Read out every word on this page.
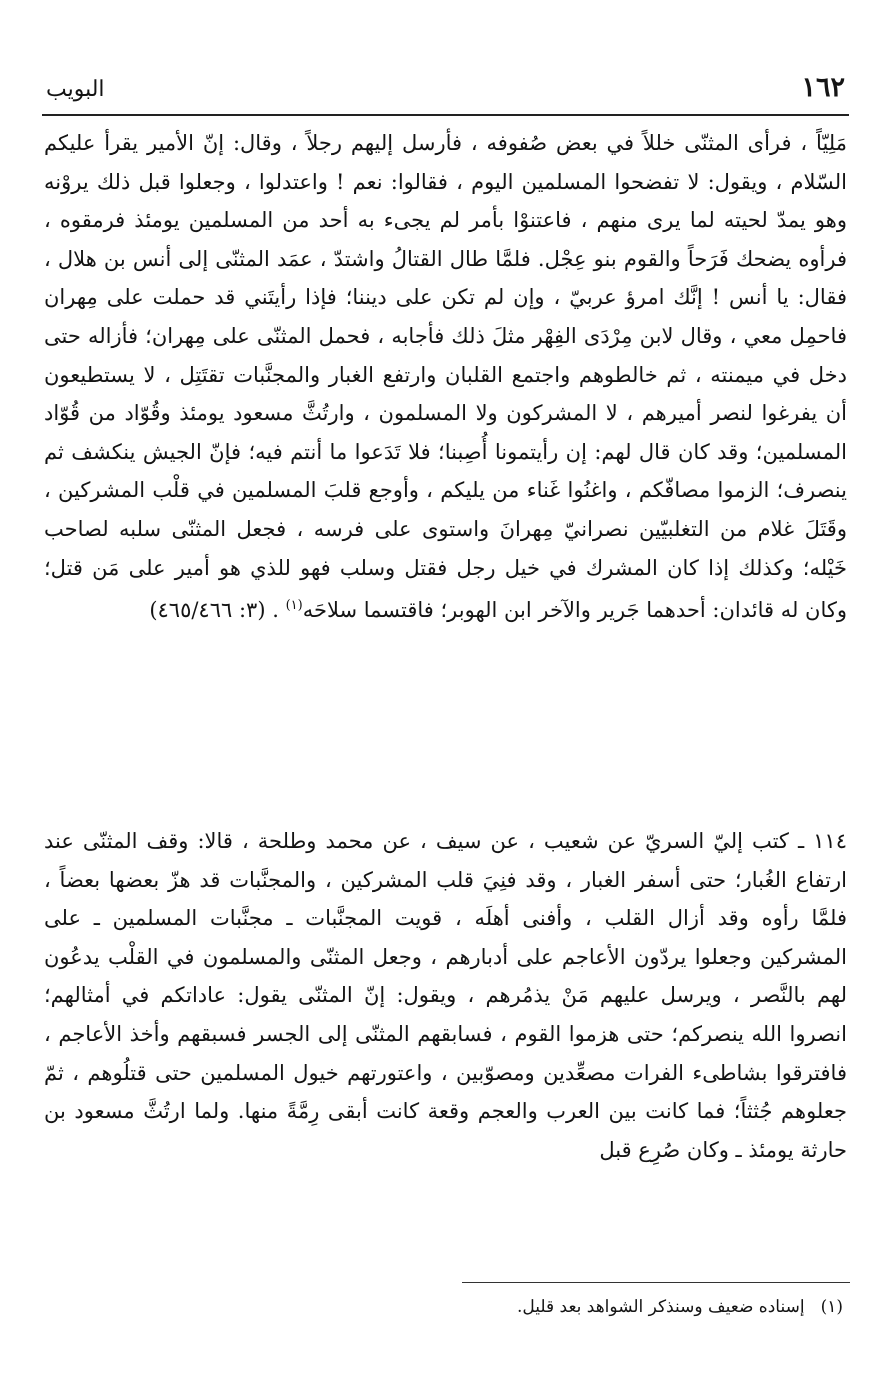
١٦٢
البويب
مَلِيّاً ، فرأى المثنّى خللاً في بعض صُفوفه ، فأرسل إليهم رجلاً ، وقال: إنّ الأمير يقرأ عليكم السّلام ، ويقول: لا تفضحوا المسلمين اليوم ، فقالوا: نعم ! واعتدلوا ، وجعلوا قبل ذلك يروْنه وهو يمدّ لحيته لما يرى منهم ، فاعتنوْا بأمر لم يجىء به أحد من المسلمين يومئذ فرمقوه ، فرأوه يضحك فَرَحاً والقوم بنو عِجْل. فلمَّا طال القتالُ واشتدّ ، عمَد المثنّى إلى أنس بن هلال ، فقال: يا أنس ! إنَّك امرؤ عربيّ ، وإن لم تكن على ديننا؛ فإذا رأيتَني قد حملت على مِهران فاحمِل معي ، وقال لابن مِرْدَى الفِهْر مثلَ ذلك فأجابه ، فحمل المثنّى على مِهران؛ فأزاله حتى دخل في ميمنته ، ثم خالطوهم واجتمع القلبان وارتفع الغبار والمجنَّبات تقتَتِل ، لا يستطيعون أن يفرغوا لنصر أميرهم ، لا المشركون ولا المسلمون ، وارتُثَّ مسعود يومئذ وقُوّاد من قُوّاد المسلمين؛ وقد كان قال لهم: إن رأيتمونا أُصِبنا؛ فلا تَدَعوا ما أنتم فيه؛ فإنّ الجيش ينكشف ثم ينصرف؛ الزموا مصافّكم ، واغنُوا غَناء من يليكم ، وأوجع قلبَ المسلمين في قلْب المشركين ، وقَتَلَ غلام من التغلبيّين نصرانيّ مِهرانَ واستوى على فرسه ، فجعل المثنّى سلبه لصاحب خَيْله؛ وكذلك إذا كان المشرك في خيل رجل فقتل وسلب فهو للذي هو أمير على مَن قتل؛ وكان له قائدان: أحدهما جَرير والآخر ابن الهوبر؛ فاقتسما سلاحَه$^{(١)}$ . (٣: ٤٦٥/٤٦٦)
١١٤ ـ كتب إليّ السريّ عن شعيب ، عن سيف ، عن محمد وطلحة ، قالا: وقف المثنّى عند ارتفاع الغُبار؛ حتى أسفر الغبار ، وقد فنِيَ قلب المشركين ، والمجنَّبات قد هزّ بعضها بعضاً ، فلمَّا رأوه وقد أزال القلب ، وأفنى أهلَه ، قويت المجنَّبات ـ مجنَّبات المسلمين ـ على المشركين وجعلوا يردّون الأعاجم على أدبارهم ، وجعل المثنّى والمسلمون في القلْب يدعُون لهم بالنَّصر ، ويرسل عليهم مَنْ يذمُرهم ، ويقول: إنّ المثنّى يقول: عاداتكم في أمثالهم؛ انصروا الله ينصركم؛ حتى هزموا القوم ، فسابقهم المثنّى إلى الجسر فسبقهم وأخذ الأعاجم ، فافترقوا بشاطىء الفرات مصعِّدين ومصوّبين ، واعتورتهم خيول المسلمين حتى قتلُوهم ، ثمّ جعلوهم جُثثاً؛ فما كانت بين العرب والعجم وقعة كانت أبقى رِمَّةً منها. ولما ارتُثَّ مسعود بن حارثة يومئذ ـ وكان صُرِع قبل
(١)إسناده ضعيف وسنذكر الشواهد بعد قليل.
